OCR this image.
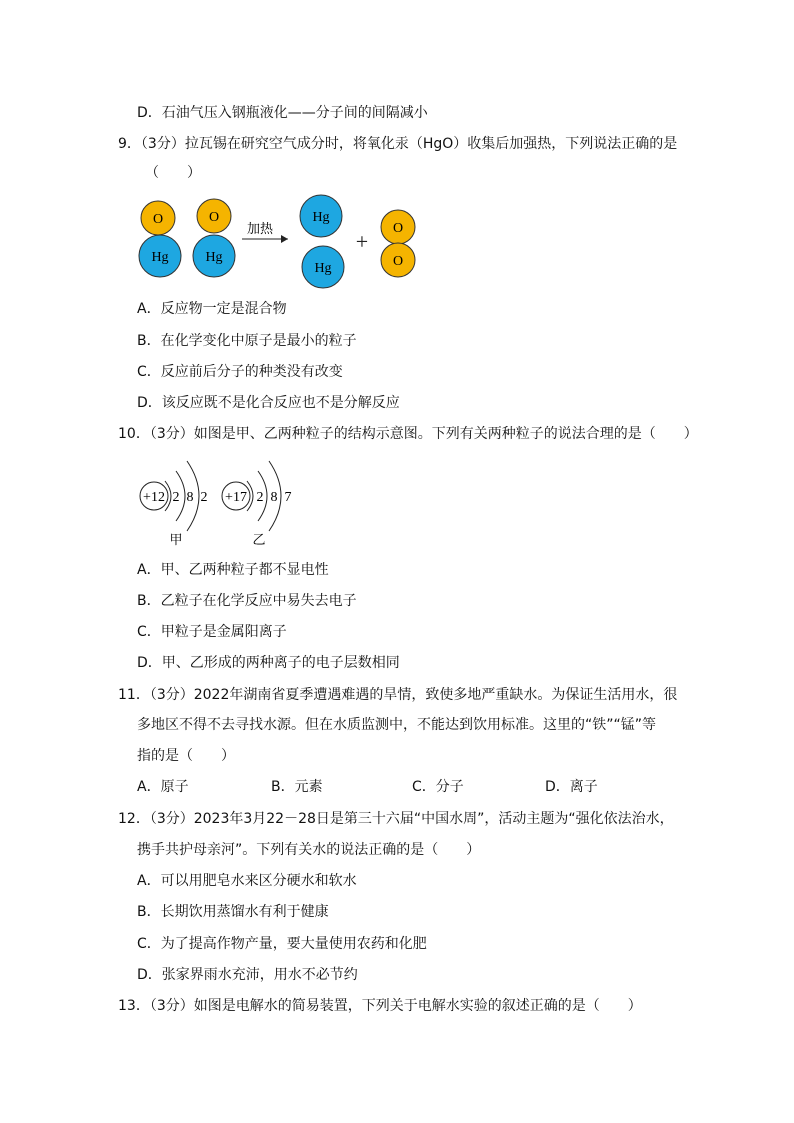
D．石油气压入钢瓶液化——分子间的间隔减小
9．（3分）拉瓦锡在研究空气成分时，将氧化汞（HgO）收集后加强热，下列说法正确的是
（　　）
O
Hg
O
Hg
加热
Hg
Hg
+
O
O
A．反应物一定是混合物
B．在化学变化中原子是最小的粒子
C．反应前后分子的种类没有改变
D．该反应既不是化合反应也不是分解反应
10．（3分）如图是甲、乙两种粒子的结构示意图。下列有关两种粒子的说法合理的是（　　）
+12 2 8 2
甲
+17 2 8 7
乙
A．甲、乙两种粒子都不显电性
B．乙粒子在化学反应中易失去电子
C．甲粒子是金属阳离子
D．甲、乙形成的两种离子的电子层数相同
11．（3分）2022年湖南省夏季遭遇难遇的旱情，致使多地严重缺水。为保证生活用水，很
多地区不得不去寻找水源。但在水质监测中，不能达到饮用标准。这里的“铁”“锰”等
指的是（　　）
A．原子	B．元素	C．分子	D．离子
12．（3分）2023年3月22－28日是第三十六届“中国水周”，活动主题为“强化依法治水，
携手共护母亲河”。下列有关水的说法正确的是（　　）
A．可以用肥皂水来区分硬水和软水
B．长期饮用蒸馏水有利于健康
C．为了提高作物产量，要大量使用农药和化肥
D．张家界雨水充沛，用水不必节约
13．（3分）如图是电解水的简易装置，下列关于电解水实验的叙述正确的是（　　）
